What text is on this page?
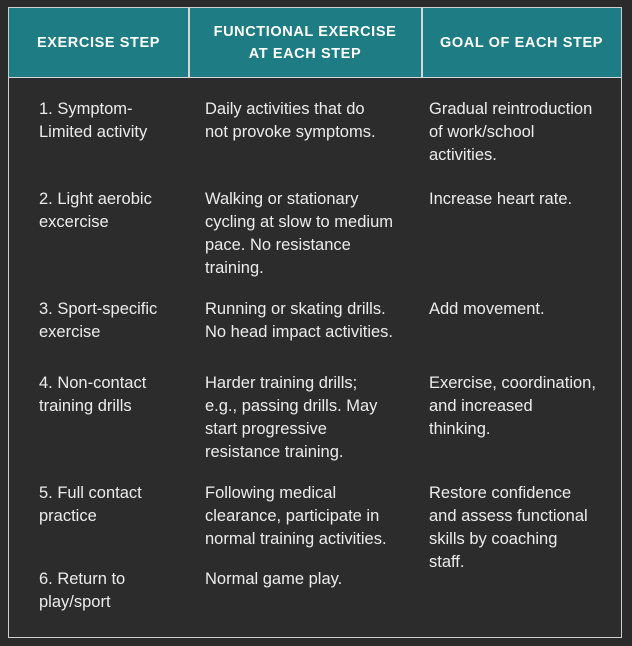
EXERCISE STEP
FUNCTIONAL EXERCISE
AT EACH STEP
GOAL OF EACH STEP
1. Symptom-
Limited activity
Daily activities that do
not provoke symptoms.
Gradual reintroduction
of work/school
activities.
2. Light aerobic
excercise
Walking or stationary
cycling at slow to medium
pace. No resistance
training.
Increase heart rate.
3. Sport-specific
exercise
Running or skating drills.
No head impact activities.
Add movement.
4. Non-contact
training drills
Harder training drills;
e.g., passing drills. May
start progressive
resistance training.
Exercise, coordination,
and increased
thinking.
5. Full contact
practice
Following medical
clearance, participate in
normal training activities.
Restore confidence
and assess functional
skills by coaching
staff.
6. Return to
play/sport
Normal game play.
